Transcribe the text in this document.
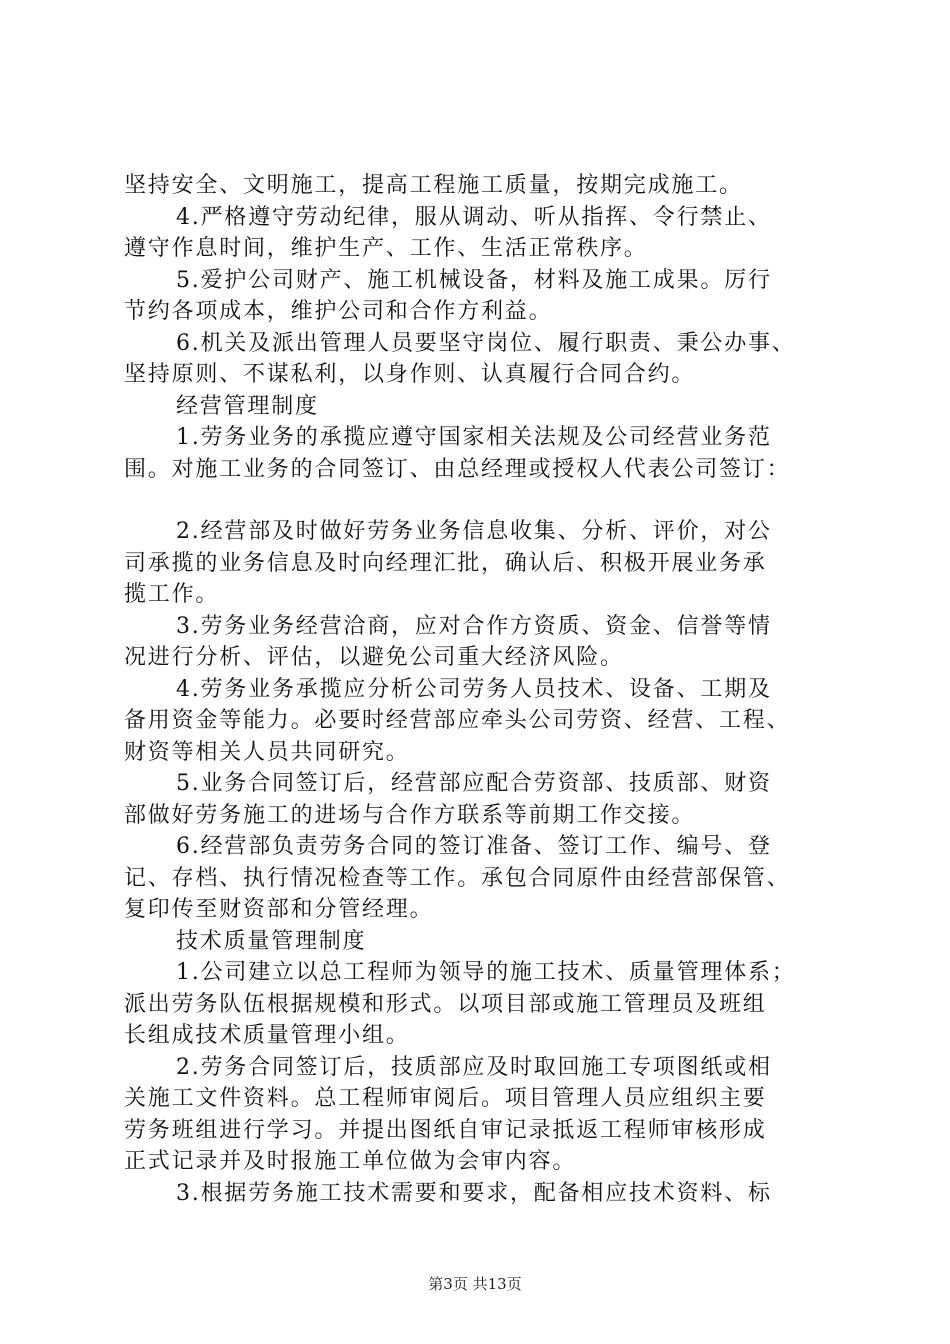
坚持安全、文明施工，提高工程施工质量，按期完成施工。
4.严格遵守劳动纪律，服从调动、听从指挥、令行禁止、
遵守作息时间，维护生产、工作、生活正常秩序。
5.爱护公司财产、施工机械设备，材料及施工成果。厉行
节约各项成本，维护公司和合作方利益。
6.机关及派出管理人员要坚守岗位、履行职责、秉公办事、
坚持原则、不谋私利，以身作则、认真履行合同合约。
经营管理制度
1.劳务业务的承揽应遵守国家相关法规及公司经营业务范
围。对施工业务的合同签订、由总经理或授权人代表公司签订：
2.经营部及时做好劳务业务信息收集、分析、评价，对公
司承揽的业务信息及时向经理汇批，确认后、积极开展业务承
揽工作。
3.劳务业务经营洽商，应对合作方资质、资金、信誉等情
况进行分析、评估，以避免公司重大经济风险。
4.劳务业务承揽应分析公司劳务人员技术、设备、工期及
备用资金等能力。必要时经营部应牵头公司劳资、经营、工程、
财资等相关人员共同研究。
5.业务合同签订后，经营部应配合劳资部、技质部、财资
部做好劳务施工的进场与合作方联系等前期工作交接。
6.经营部负责劳务合同的签订准备、签订工作、编号、登
记、存档、执行情况检查等工作。承包合同原件由经营部保管、
复印传至财资部和分管经理。
技术质量管理制度
1.公司建立以总工程师为领导的施工技术、质量管理体系；
派出劳务队伍根据规模和形式。以项目部或施工管理员及班组
长组成技术质量管理小组。
2.劳务合同签订后，技质部应及时取回施工专项图纸或相
关施工文件资料。总工程师审阅后。项目管理人员应组织主要
劳务班组进行学习。并提出图纸自审记录抵返工程师审核形成
正式记录并及时报施工单位做为会审内容。
3.根据劳务施工技术需要和要求，配备相应技术资料、标
第3页 共13页
